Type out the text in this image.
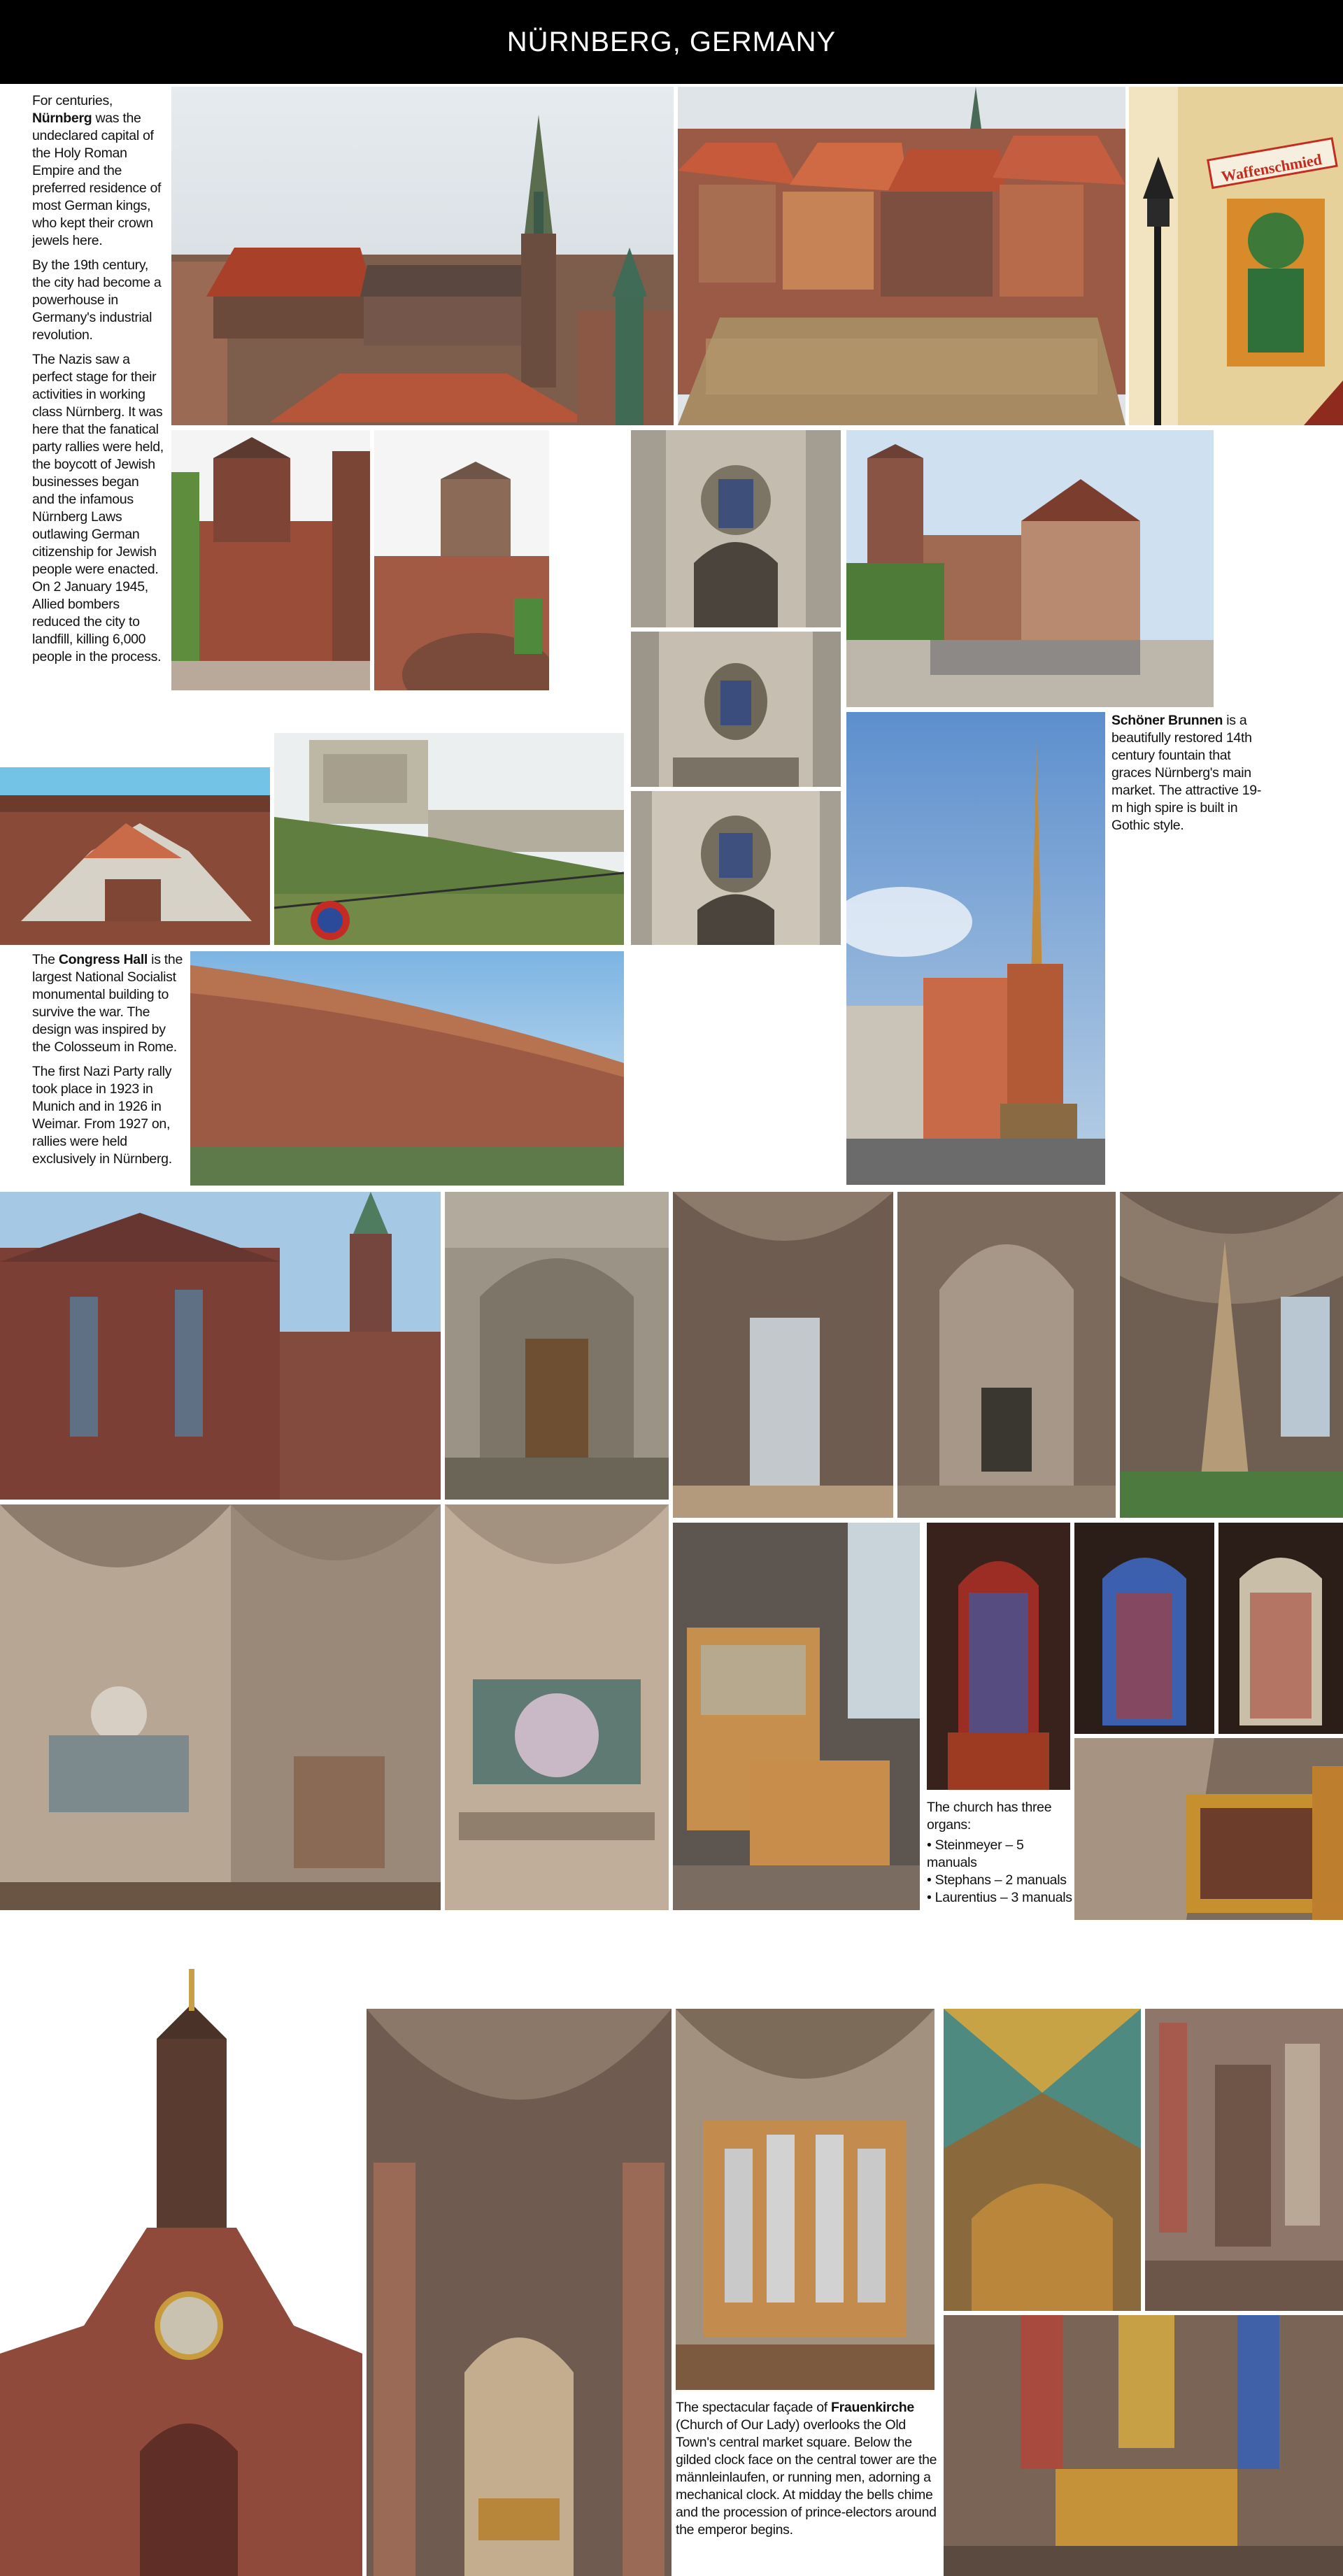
NÜRNBERG, GERMANY

For centuries, Nürnberg was the undeclared capital of the Holy Roman Empire and the preferred residence of most German kings, who kept their crown jewels here.

By the 19th century, the city had become a powerhouse in Germany's industrial revolution.

The Nazis saw a perfect stage for their activities in working class Nürnberg. It was here that the fanatical party rallies were held, the boycott of Jewish businesses began and the infamous Nürnberg Laws outlawing German citizenship for Jewish people were enacted. On 2 January 1945, Allied bombers reduced the city to landfill, killing 6,000 people in the process.

Waffenschmied

Schöner Brunnen is a beautifully restored 14th century fountain that graces Nürnberg's main market. The attractive 19-m high spire is built in Gothic style.

The Congress Hall is the largest National Socialist monumental building to survive the war. The design was inspired by the Colosseum in Rome.

The first Nazi Party rally took place in 1923 in Munich and in 1926 in Weimar. From 1927 on, rallies were held exclusively in Nürnberg.

The church has three organs:
• Steinmeyer – 5 manuals
• Stephans – 2 manuals
• Laurentius – 3 manuals

The spectacular façade of Frauenkirche (Church of Our Lady) overlooks the Old Town's central market square. Below the gilded clock face on the central tower are the männleinlaufen, or running men, adorning a mechanical clock. At midday the bells chime and the procession of prince-electors around the emperor begins.
